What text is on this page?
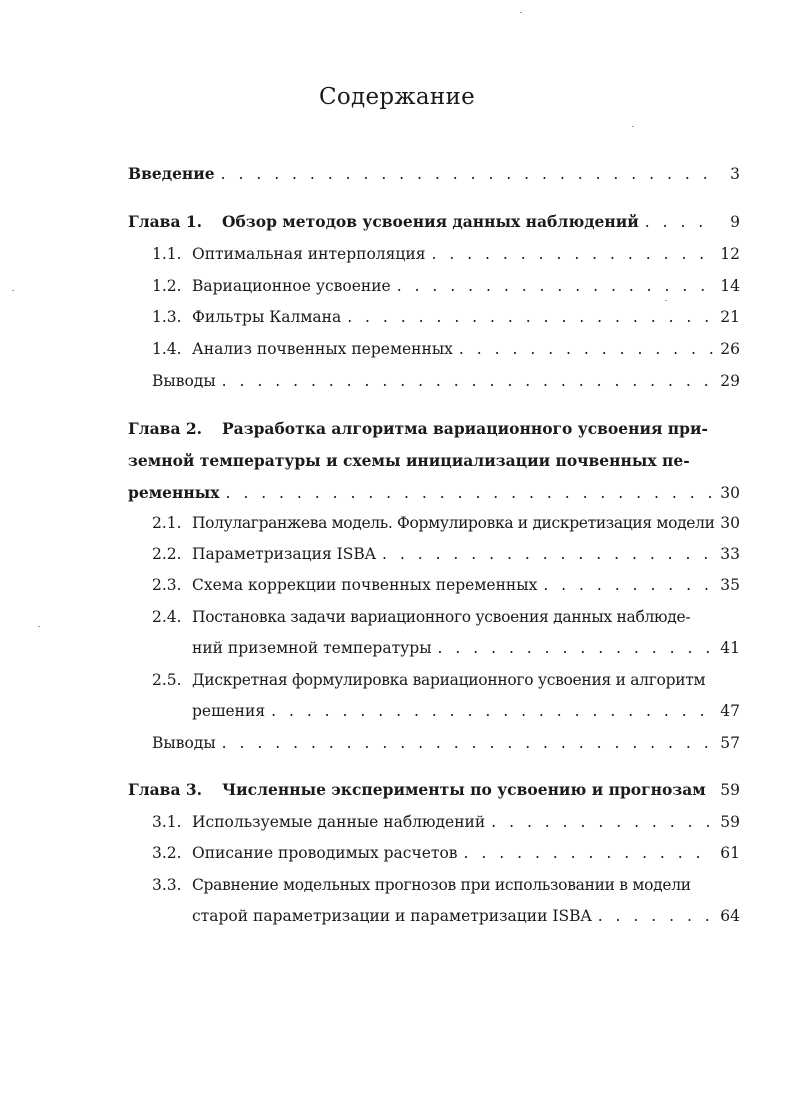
Содержание
Введение . . .	3
Глава 1.	Обзор методов усвоения данных наблюдений . . .	9
1.1. Оптимальная интерполяция . . .	12
1.2. Вариационное усвоение . . .	14
1.3. Фильтры Калмана . . .	21
1.4. Анализ почвенных переменных . . .	26
Выводы . . .	29
Глава 2.	Разработка алгоритма вариационного усвоения при-
земной температуры и схемы инициализации почвенных пе-
ременных . . .	30
2.1. Полулагранжева модель. Формулировка и дискретизация модели 30
2.2. Параметризация ISBA . . .	33
2.3. Схема коррекции почвенных переменных . . .	35
2.4. Постановка задачи вариационного усвоения данных наблюде-
ний приземной температуры . . .	41
2.5. Дискретная формулировка вариационного усвоения и алгоритм
решения . . .	47
Выводы . . .	57
Глава 3.	Численные эксперименты по усвоению и прогнозам 59
3.1. Используемые данные наблюдений . . .	59
3.2. Описание проводимых расчетов . . .	61
3.3. Сравнение модельных прогнозов при использовании в модели
старой параметризации и параметризации ISBA . . .	64
